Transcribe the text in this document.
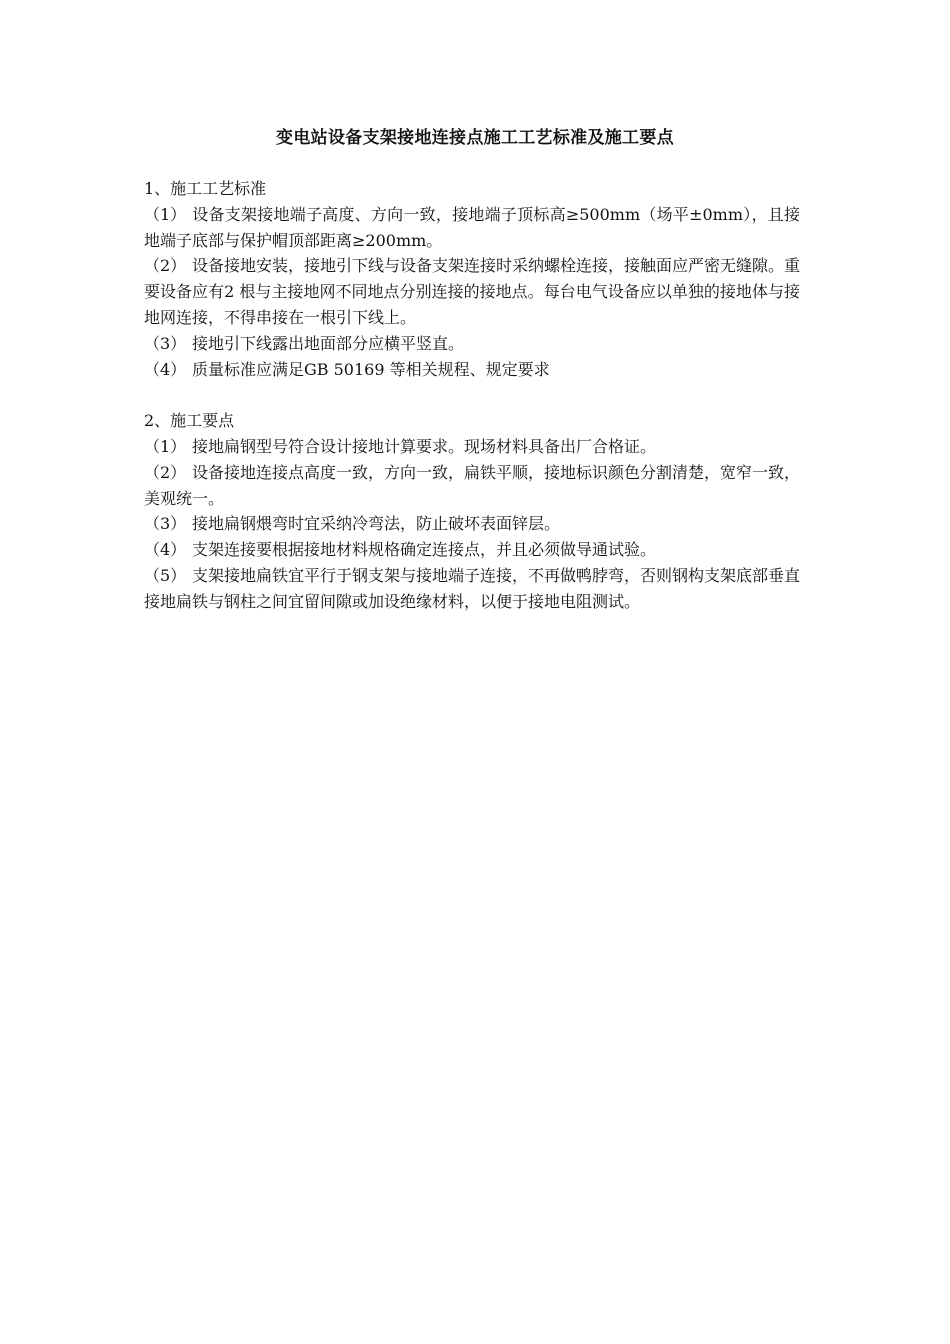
变电站设备支架接地连接点施工工艺标准及施工要点

1、施工工艺标准

（1） 设备支架接地端子高度、方向一致，接地端子顶标高≥500mm（场平±0mm），且接地端子底部与保护帽顶部距离≥200mm。

（2） 设备接地安装，接地引下线与设备支架连接时采纳螺栓连接，接触面应严密无缝隙。重要设备应有2 根与主接地网不同地点分别连接的接地点。每台电气设备应以单独的接地体与接地网连接，不得串接在一根引下线上。

（3） 接地引下线露出地面部分应横平竖直。

（4） 质量标准应满足GB 50169 等相关规程、规定要求

2、施工要点

（1） 接地扁钢型号符合设计接地计算要求。现场材料具备出厂合格证。

（2） 设备接地连接点高度一致，方向一致，扁铁平顺，接地标识颜色分割清楚，宽窄一致，美观统一。

（3） 接地扁钢煨弯时宜采纳冷弯法，防止破坏表面锌层。

（4） 支架连接要根据接地材料规格确定连接点，并且必须做导通试验。

（5） 支架接地扁铁宜平行于钢支架与接地端子连接，不再做鸭脖弯，否则钢构支架底部垂直接地扁铁与钢柱之间宜留间隙或加设绝缘材料，以便于接地电阻测试。
